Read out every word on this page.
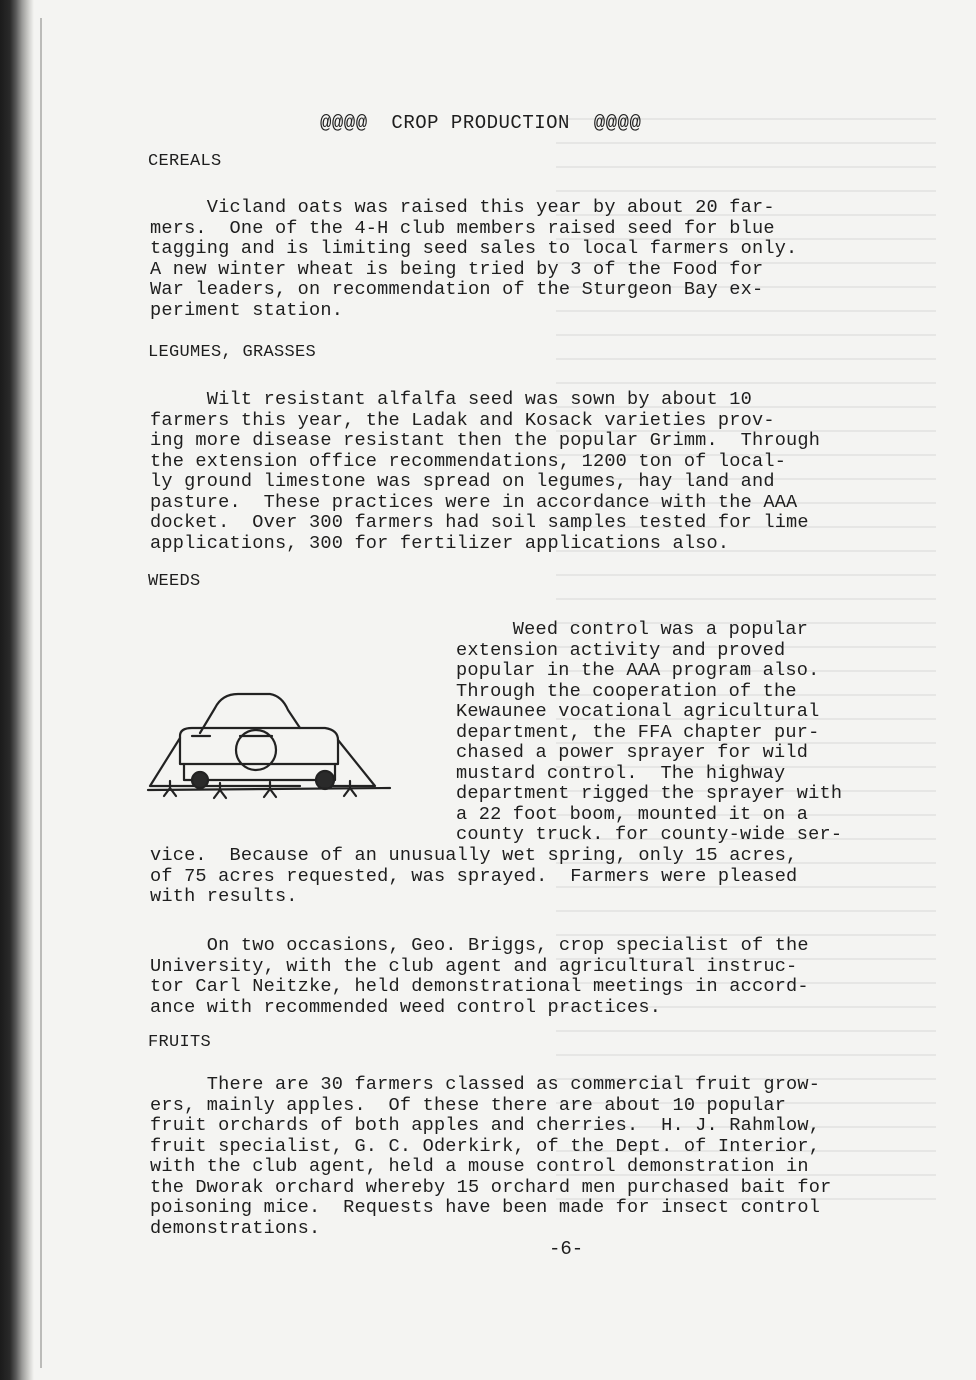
@@@@  CROP PRODUCTION  @@@@
CEREALS
Vicland oats was raised this year by about 20 far-
mers.  One of the 4-H club members raised seed for blue
tagging and is limiting seed sales to local farmers only.
A new winter wheat is being tried by 3 of the Food for
War leaders, on recommendation of the Sturgeon Bay ex-
periment station.
LEGUMES, GRASSES
Wilt resistant alfalfa seed was sown by about 10
farmers this year, the Ladak and Kosack varieties prov-
ing more disease resistant then the popular Grimm.  Through
the extension office recommendations, 1200 ton of local-
ly ground limestone was spread on legumes, hay land and
pasture.  These practices were in accordance with the AAA
docket.  Over 300 farmers had soil samples tested for lime
applications, 300 for fertilizer applications also.
WEEDS
Weed control was a popular
extension activity and proved
popular in the AAA program also.
Through the cooperation of the
Kewaunee vocational agricultural
department, the FFA chapter pur-
chased a power sprayer for wild
mustard control.  The highway
department rigged the sprayer with
a 22 foot boom, mounted it on a
county truck. for county-wide ser-
vice.  Because of an unusually wet spring, only 15 acres,
of 75 acres requested, was sprayed.  Farmers were pleased
with results.
On two occasions, Geo. Briggs, crop specialist of the
University, with the club agent and agricultural instruc-
tor Carl Neitzke, held demonstrational meetings in accord-
ance with recommended weed control practices.
FRUITS
There are 30 farmers classed as commercial fruit grow-
ers, mainly apples.  Of these there are about 10 popular
fruit orchards of both apples and cherries.  H. J. Rahmlow,
fruit specialist, G. C. Oderkirk, of the Dept. of Interior,
with the club agent, held a mouse control demonstration in
the Dworak orchard whereby 15 orchard men purchased bait for
poisoning mice.  Requests have been made for insect control
demonstrations.
-6-
